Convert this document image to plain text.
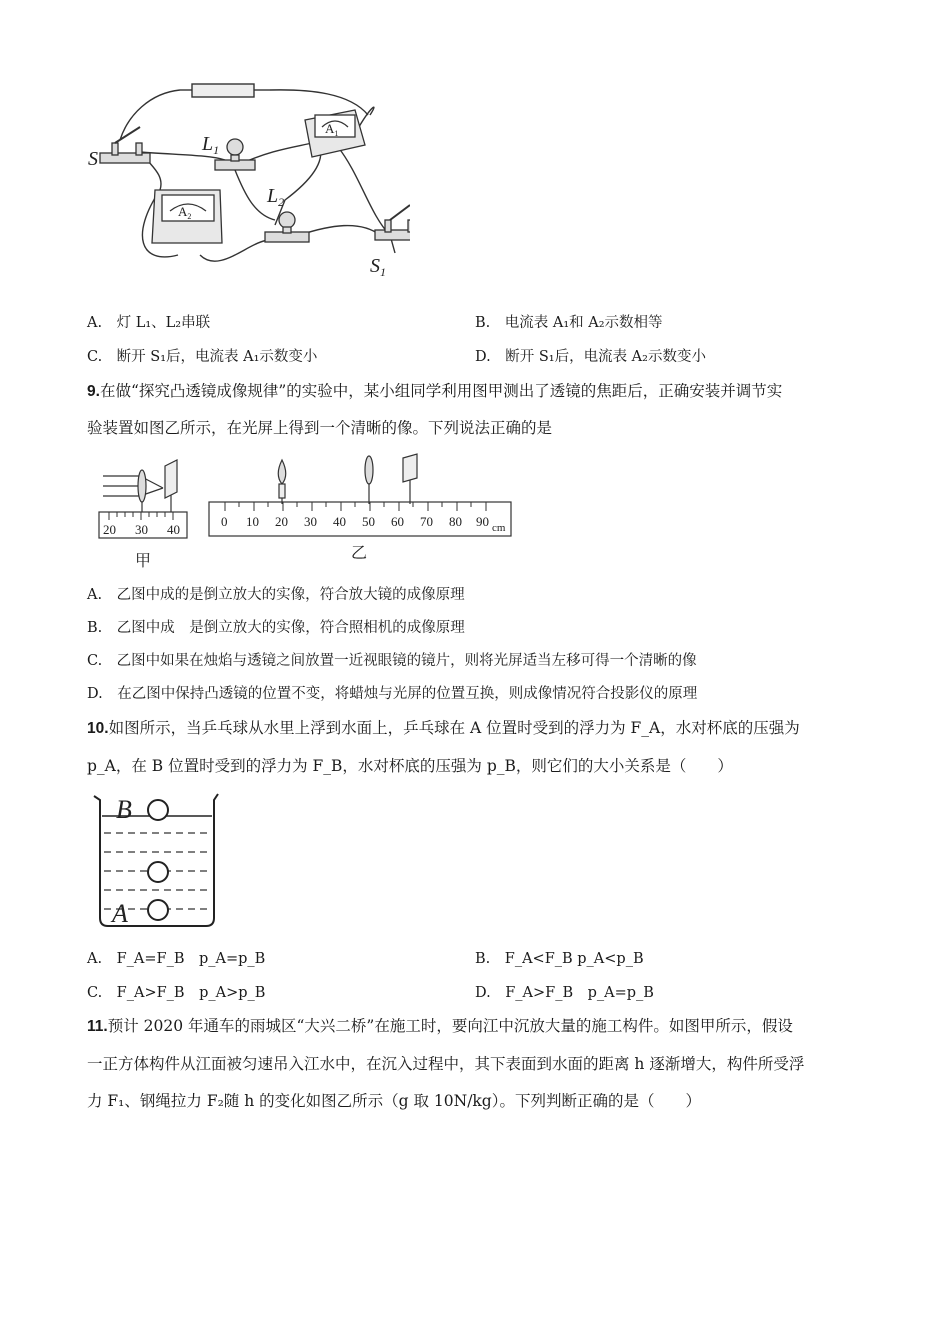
S
$L_1$
$A_1$
$A_2$
$L_2$
$S_1$
A.　灯 L₁、L₂串联	B.　电流表 A₁和 A₂示数相等
C.　断开 S₁后，电流表 A₁示数变小	D.　断开 S₁后，电流表 A₂示数变小
9.在做“探究凸透镜成像规律”的实验中，某小组同学利用图甲测出了透镜的焦距后，正确安装并调节实
验装置如图乙所示，在光屏上得到一个清晰的像。下列说法正确的是
20 30 40
甲
0 10 20 30 40 50 60 70 80 90 cm
乙
A.　乙图中成的是倒立放大的实像，符合放大镜的成像原理
B.　乙图中成　是倒立放大的实像，符合照相机的成像原理
C.　乙图中如果在烛焰与透镜之间放置一近视眼镜的镜片，则将光屏适当左移可得一个清晰的像
D.　在乙图中保持凸透镜的位置不变，将蜡烛与光屏的位置互换，则成像情况符合投影仪的原理
10.如图所示，当乒乓球从水里上浮到水面上，乒乓球在 A 位置时受到的浮力为 F_A，水对杯底的压强为
p_A，在 B 位置时受到的浮力为 F_B，水对杯底的压强为 p_B，则它们的大小关系是（　　）
B
A
A.　F_A=F_B　p_A=p_B	B.　F_A<F_B p_A<p_B
C.　F_A>F_B　p_A>p_B	D.　F_A>F_B　p_A=p_B
11.预计 2020 年通车的雨城区“大兴二桥”在施工时，要向江中沉放大量的施工构件。如图甲所示，假设
一正方体构件从江面被匀速吊入江水中，在沉入过程中，其下表面到水面的距离 h 逐渐增大，构件所受浮
力 F₁、钢绳拉力 F₂随 h 的变化如图乙所示（g 取 10N/kg）。下列判断正确的是（　　）
